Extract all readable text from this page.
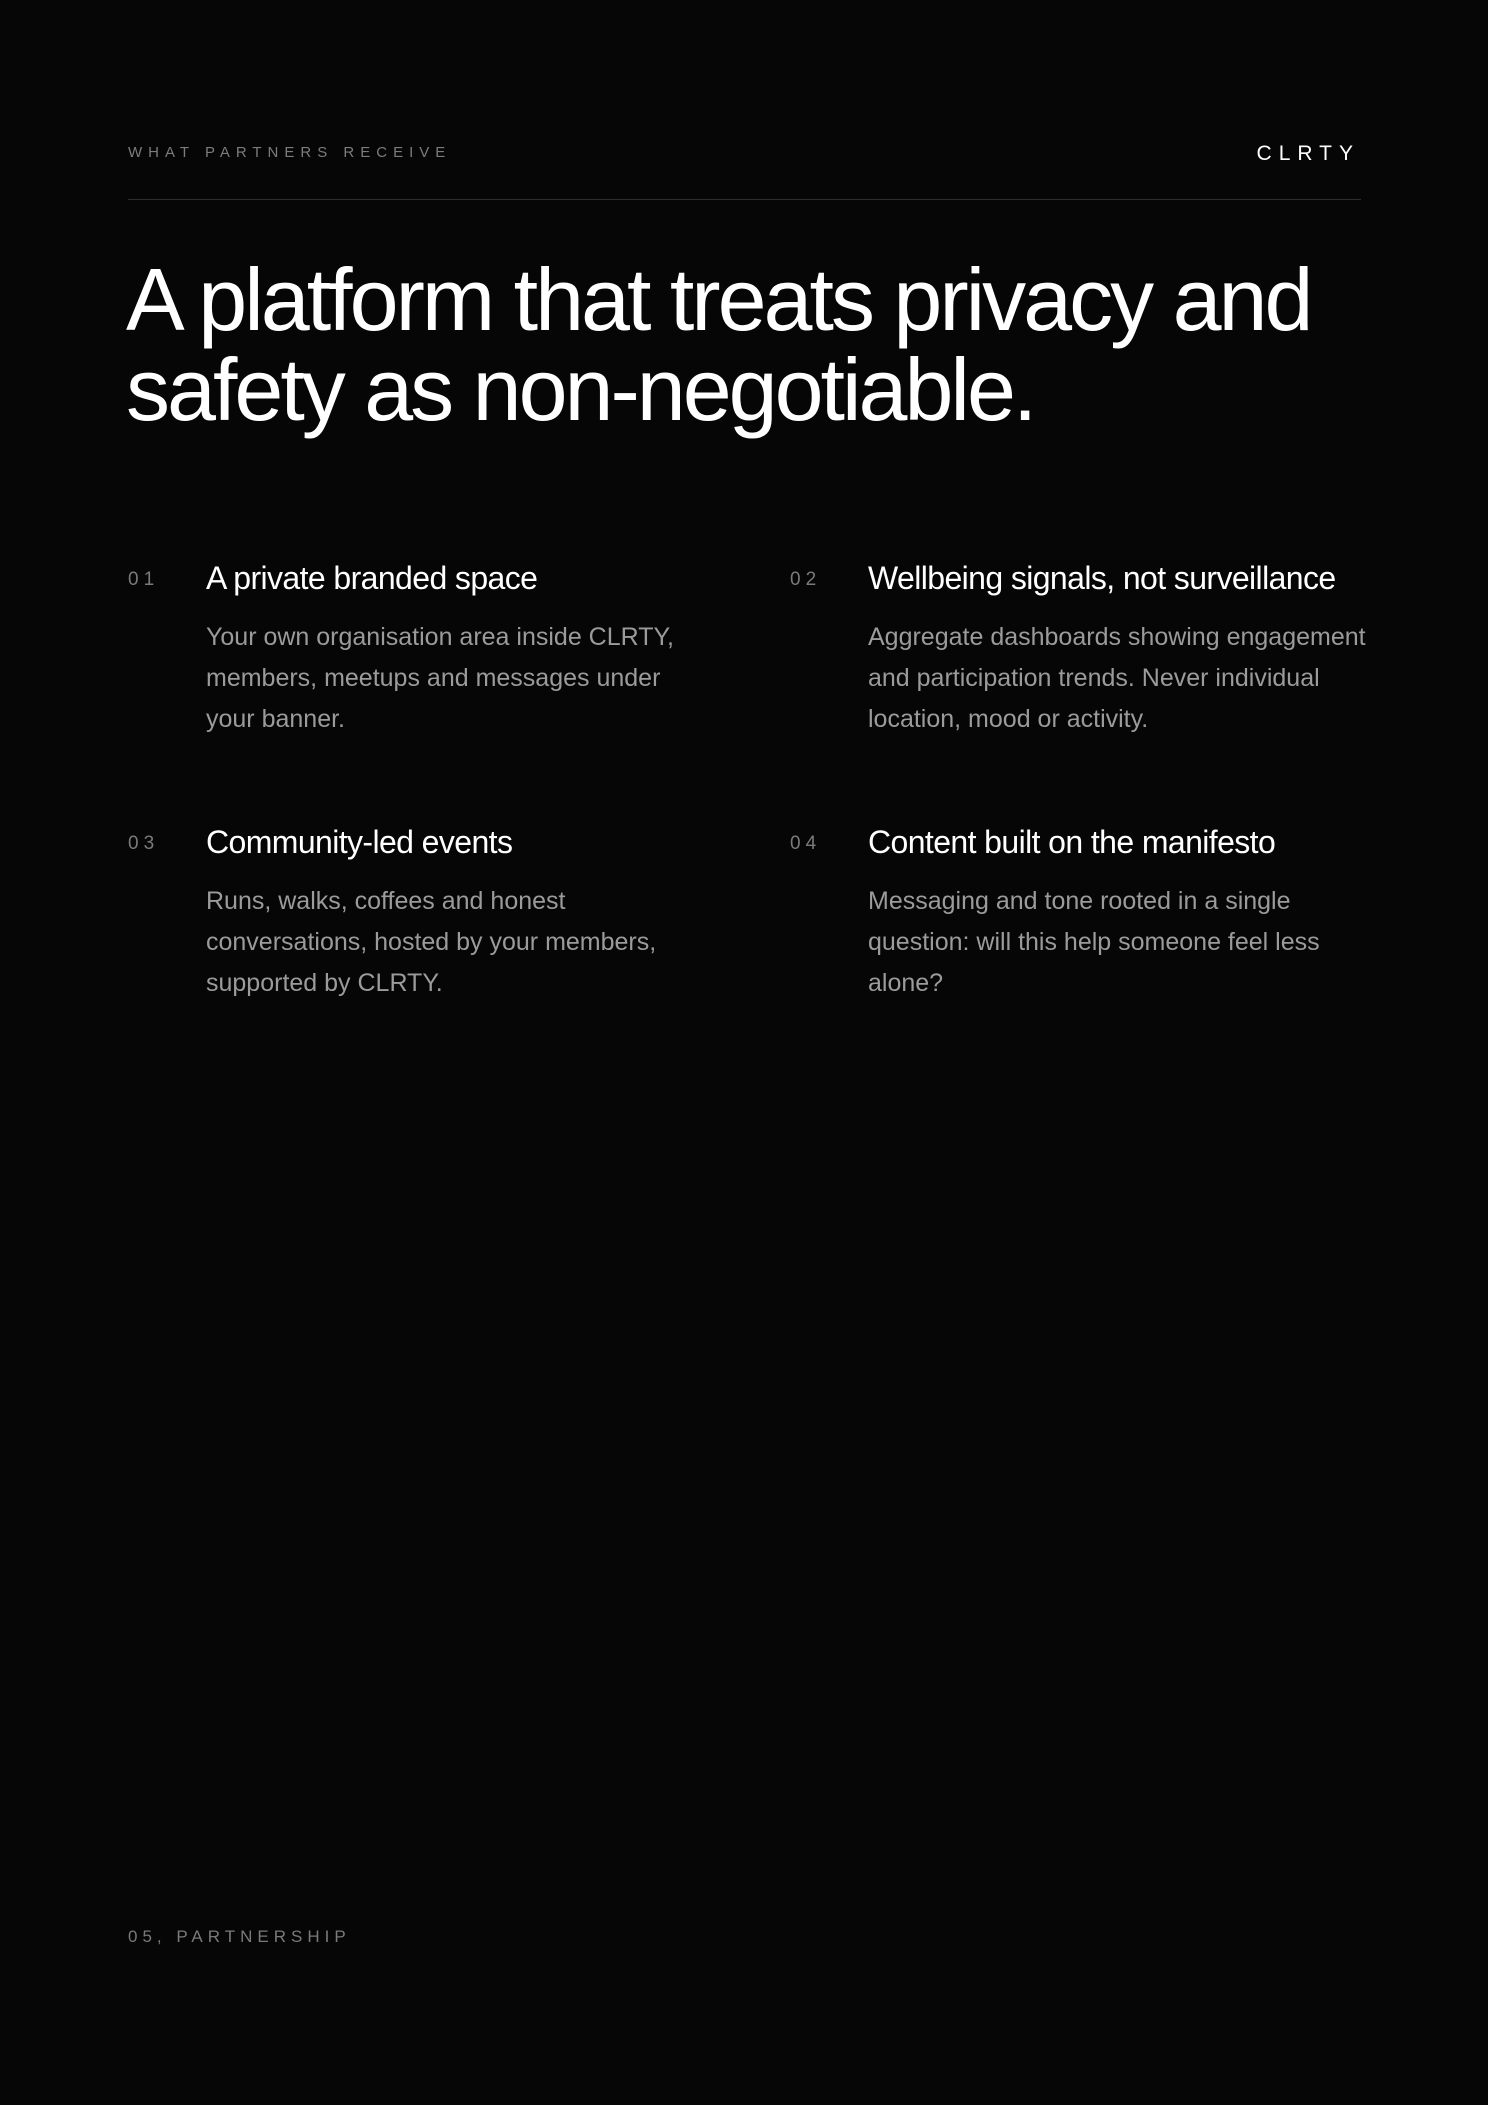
WHAT PARTNERS RECEIVE	CLRTY
A platform that treats privacy and safety as non-negotiable.
01 A private branded space

Your own organisation area inside CLRTY, members, meetups and messages under your banner.

02 Wellbeing signals, not surveillance

Aggregate dashboards showing engagement and participation trends. Never individual location, mood or activity.

03 Community-led events

Runs, walks, coffees and honest conversations, hosted by your members, supported by CLRTY.

04 Content built on the manifesto

Messaging and tone rooted in a single question: will this help someone feel less alone?

05, PARTNERSHIP
